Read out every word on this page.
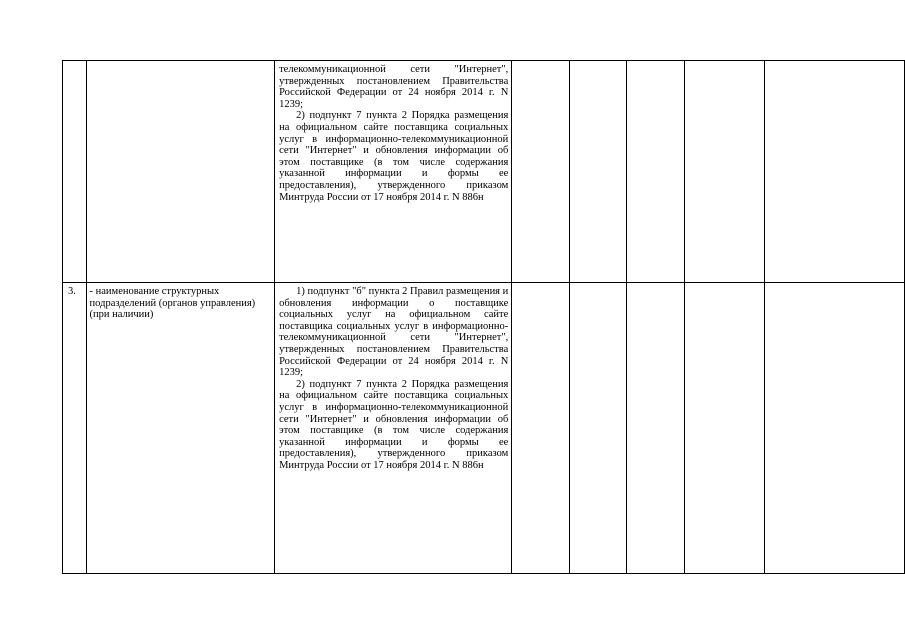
		телекоммуникационной сети "Интернет", утвержденных постановлением Правительства Российской Федерации от 24 ноября 2014 г. N 1239;

2) подпункт 7 пункта 2 Порядка размещения на официальном сайте поставщика социальных услуг в информационно-телекоммуникационной сети "Интернет" и обновления информации об этом поставщике (в том числе содержания указанной информации и формы ее предоставления), утвержденного приказом Минтруда России от 17 ноября 2014 г. N 886н					

3.	- наименование структурных подразделений (органов управления) (при наличии)	1) подпункт "б" пункта 2 Правил размещения и обновления информации о поставщике социальных услуг на официальном сайте поставщика социальных услуг в информационно-телекоммуникационной сети "Интернет", утвержденных постановлением Правительства Российской Федерации от 24 ноября 2014 г. N 1239;

2) подпункт 7 пункта 2 Порядка размещения на официальном сайте поставщика социальных услуг в информационно-телекоммуникационной сети "Интернет" и обновления информации об этом поставщике (в том числе содержания указанной информации и формы ее предоставления), утвержденного приказом Минтруда России от 17 ноября 2014 г. N 886н					
